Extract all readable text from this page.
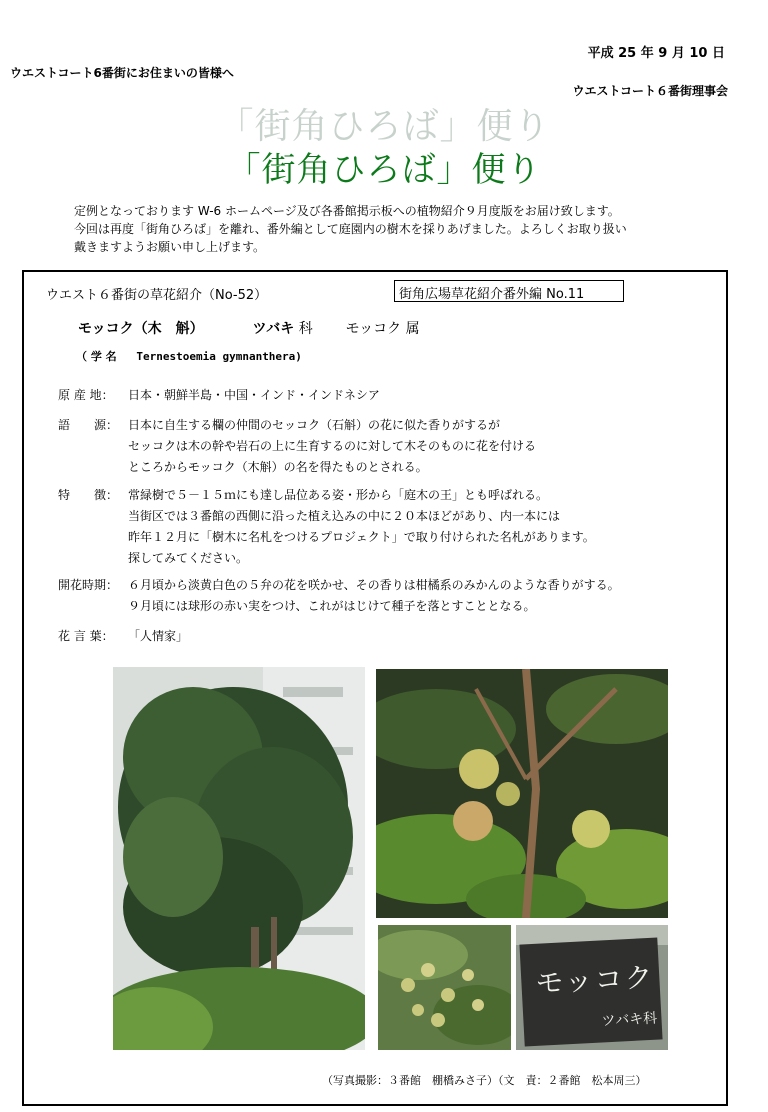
平成 25 年 9 月 10 日
ウエストコート6番街にお住まいの皆様へ
ウエストコート６番街理事会
「街角ひろば」便り
「街角ひろば」便り

定例となっております W-6 ホームページ及び各番館掲示板への植物紹介９月度版をお届け致します。

今回は再度「街角ひろば」を離れ、番外編として庭園内の樹木を採りあげました。よろしくお取り扱い

戴きますようお願い申し上げます。

ウエスト６番街の草花紹介（No-52）	街角広場草花紹介番外編 No.11
モッコク（木　斛）	ツバキ 科 モッコク 属
（ 学 名 Ternestoemia gymnanthera)
原 産 地：	日本・朝鮮半島・中国・インド・インドネシア
語　　源： 日本に自生する欄の仲間のセッコク（石斛）の花に似た香りがするが
セッコクは木の幹や岩石の上に生育するのに対して木そのものに花を付ける
ところからモッコク（木斛）の名を得たものとされる。
特　　徴： 常緑樹で５－１５ｍにも達し品位ある姿・形から「庭木の王」とも呼ばれる。
当街区では３番館の西側に沿った植え込みの中に２０本ほどがあり、内一本には
昨年１２月に「樹木に名札をつけるプロジェクト」で取り付けられた名札があります。
探してみてください。
開花時期： ６月頃から淡黄白色の５弁の花を咲かせ、その香りは柑橘系のみかんのような香りがする。
９月頃には球形の赤い実をつけ、これがはじけて種子を落とすこととなる。
花 言 葉：	「人情家」
モッコク
ツバキ科
（写真撮影：３番館　棚橋みさ子）（文　責：２番館　松本周三）
